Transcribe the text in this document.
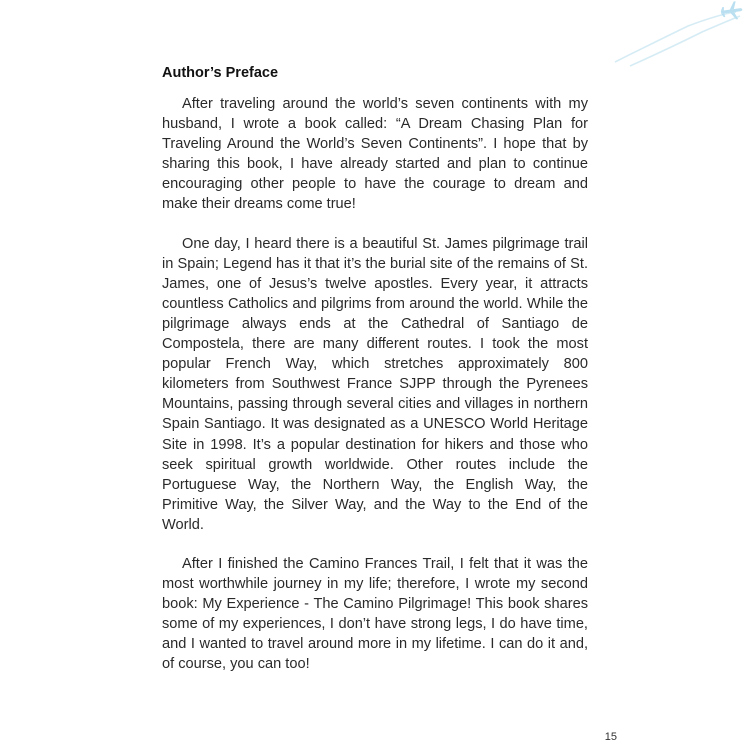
Author’s Preface

After traveling around the world’s seven continents with my husband, I wrote a book called: “A Dream Chasing Plan for Traveling Around the World’s Seven Continents”. I hope that by sharing this book, I have already started and plan to continue encouraging other people to have the courage to dream and make their dreams come true!

One day, I heard there is a beautiful St. James pilgrimage trail in Spain; Legend has it that it’s the burial site of the remains of St. James, one of Jesus’s twelve apostles. Every year, it attracts countless Catholics and pilgrims from around the world. While the pilgrimage always ends at the Cathedral of Santiago de Compostela, there are many different routes. I took the most popular French Way, which stretches approximately 800 kilometers from Southwest France SJPP through the Pyrenees Mountains, passing through several cities and villages in northern Spain Santiago. It was designated as a UNESCO World Heritage Site in 1998. It’s a popular destination for hikers and those who seek spiritual growth worldwide. Other routes include the Portuguese Way, the Northern Way, the English Way, the Primitive Way, the Silver Way, and the Way to the End of the World.

After I finished the Camino Frances Trail, I felt that it was the most worthwhile journey in my life; therefore, I wrote my second book: My Experience - The Camino Pilgrimage! This book shares some of my experiences, I don’t have strong legs, I do have time, and I wanted to travel around more in my lifetime. I can do it and, of course, you can too!

15
